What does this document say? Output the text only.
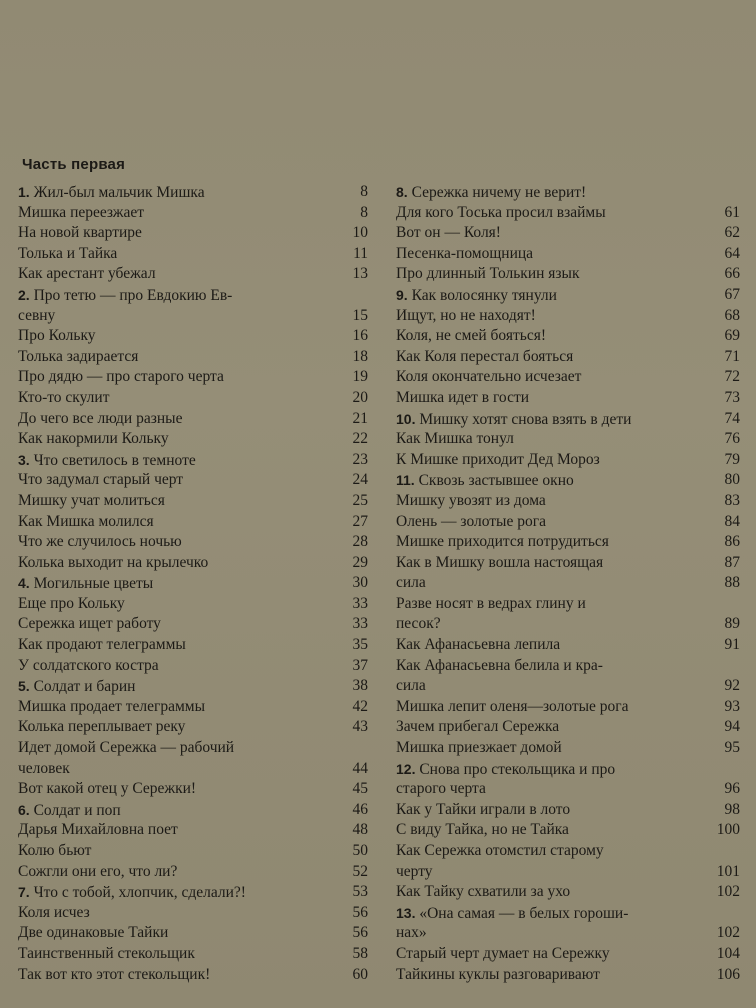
Часть первая
1. Жил-был мальчик Мишка	8
Мишка переезжает	8
На новой квартире	10
Толька и Тайка	11
Как арестант убежал	13
2. Про тетю — про Евдокию Ев-
севну	15
Про Кольку	16
Толька задирается	18
Про дядю — про старого черта	19
Кто-то скулит	20
До чего все люди разные	21
Как накормили Кольку	22
3. Что светилось в темноте	23
Что задумал старый черт	24
Мишку учат молиться	25
Как Мишка молился	27
Что же случилось ночью	28
Колька выходит на крылечко	29
4. Могильные цветы	30
Еще про Кольку	33
Сережка ищет работу	33
Как продают телеграммы	35
У солдатского костра	37
5. Солдат и барин	38
Мишка продает телеграммы	42
Колька переплывает реку	43
Идет домой Сережка — рабочий
человек	44
Вот какой отец у Сережки!	45
6. Солдат и поп	46
Дарья Михайловна поет	48
Колю бьют	50
Сожгли они его, что ли?	52
7. Что с тобой, хлопчик, сделали?!	53
Коля исчез	56
Две одинаковые Тайки	56
Таинственный стекольщик	58
Так вот кто этот стекольщик!	60
8. Сережка ничему не верит!
Для кого Тоська просил взаймы	61
Вот он — Коля!	62
Песенка-помощница	64
Про длинный Толькин язык	66
9. Как волосянку тянули	67
Ищут, но не находят!	68
Коля, не смей бояться!	69
Как Коля перестал бояться	71
Коля окончательно исчезает	72
Мишка идет в гости	73
10. Мишку хотят снова взять в дети	74
Как Мишка тонул	76
К Мишке приходит Дед Мороз	79
11. Сквозь застывшее окно	80
Мишку увозят из дома	83
Олень — золотые рога	84
Мишке приходится потрудиться	86
Как в Мишку вошла настоящая	87
сила	88
Разве носят в ведрах глину и
песок?	89
Как Афанасьевна лепила	91
Как Афанасьевна белила и кра-
сила	92
Мишка лепит оленя—золотые рога	93
Зачем прибегал Сережка	94
Мишка приезжает домой	95
12. Снова про стекольщика и про
старого черта	96
Как у Тайки играли в лото	98
С виду Тайка, но не Тайка	100
Как Сережка отомстил старому
черту	101
Как Тайку схватили за ухо	102
13. «Она самая — в белых гороши-
нах»	102
Старый черт думает на Сережку	104
Тайкины куклы разговаривают	106
